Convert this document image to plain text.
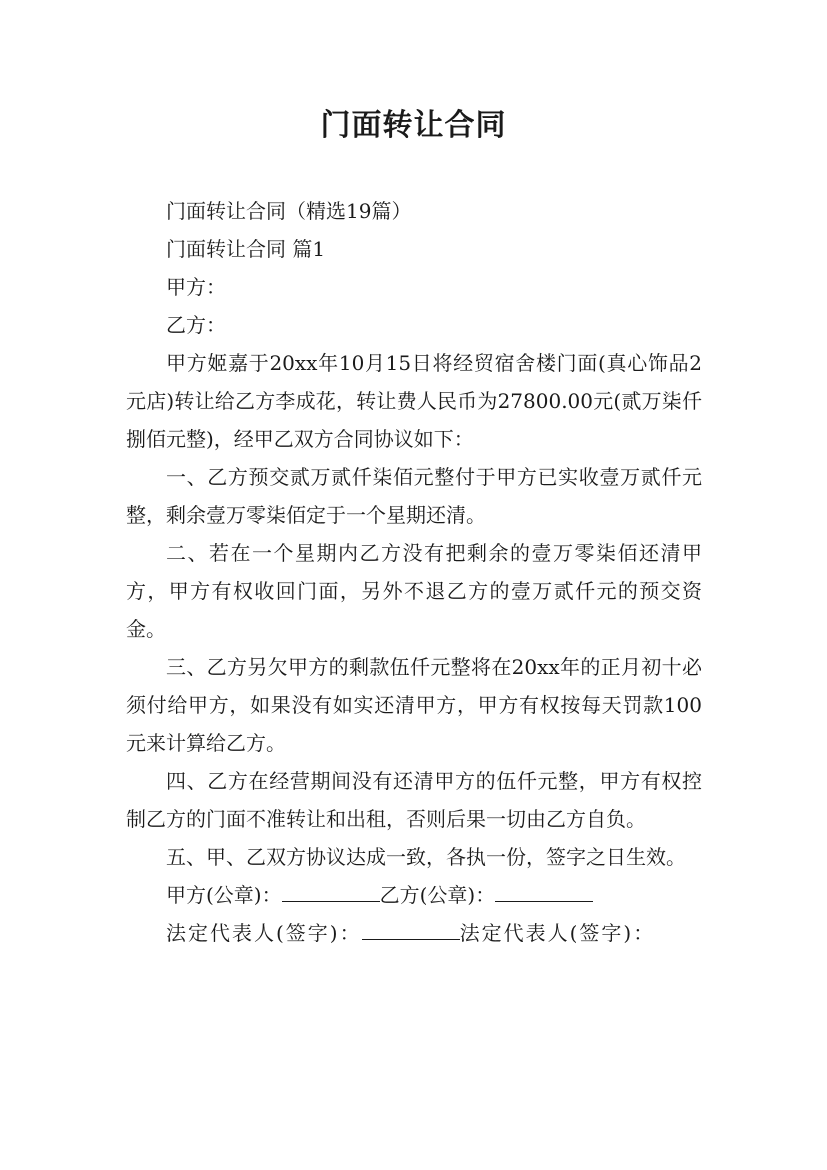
门面转让合同

门面转让合同（精选19篇）

门面转让合同 篇1

甲方：

乙方：

甲方姬嘉于20xx年10月15日将经贸宿舍楼门面(真心饰品2元店)转让给乙方李成花，转让费人民币为27800.00元(贰万柒仟捌佰元整)，经甲乙双方合同协议如下：

一、乙方预交贰万贰仟柒佰元整付于甲方已实收壹万贰仟元整，剩余壹万零柒佰定于一个星期还清。

二、若在一个星期内乙方没有把剩余的壹万零柒佰还清甲方，甲方有权收回门面，另外不退乙方的壹万贰仟元的预交资金。

三、乙方另欠甲方的剩款伍仟元整将在20xx年的正月初十必须付给甲方，如果没有如实还清甲方，甲方有权按每天罚款100元来计算给乙方。

四、乙方在经营期间没有还清甲方的伍仟元整，甲方有权控制乙方的门面不准转让和出租，否则后果一切由乙方自负。

五、甲、乙双方协议达成一致，各执一份，签字之日生效。

甲方(公章)：	乙方(公章)：
法定代表人(签字)：	法定代表人(签字)：
